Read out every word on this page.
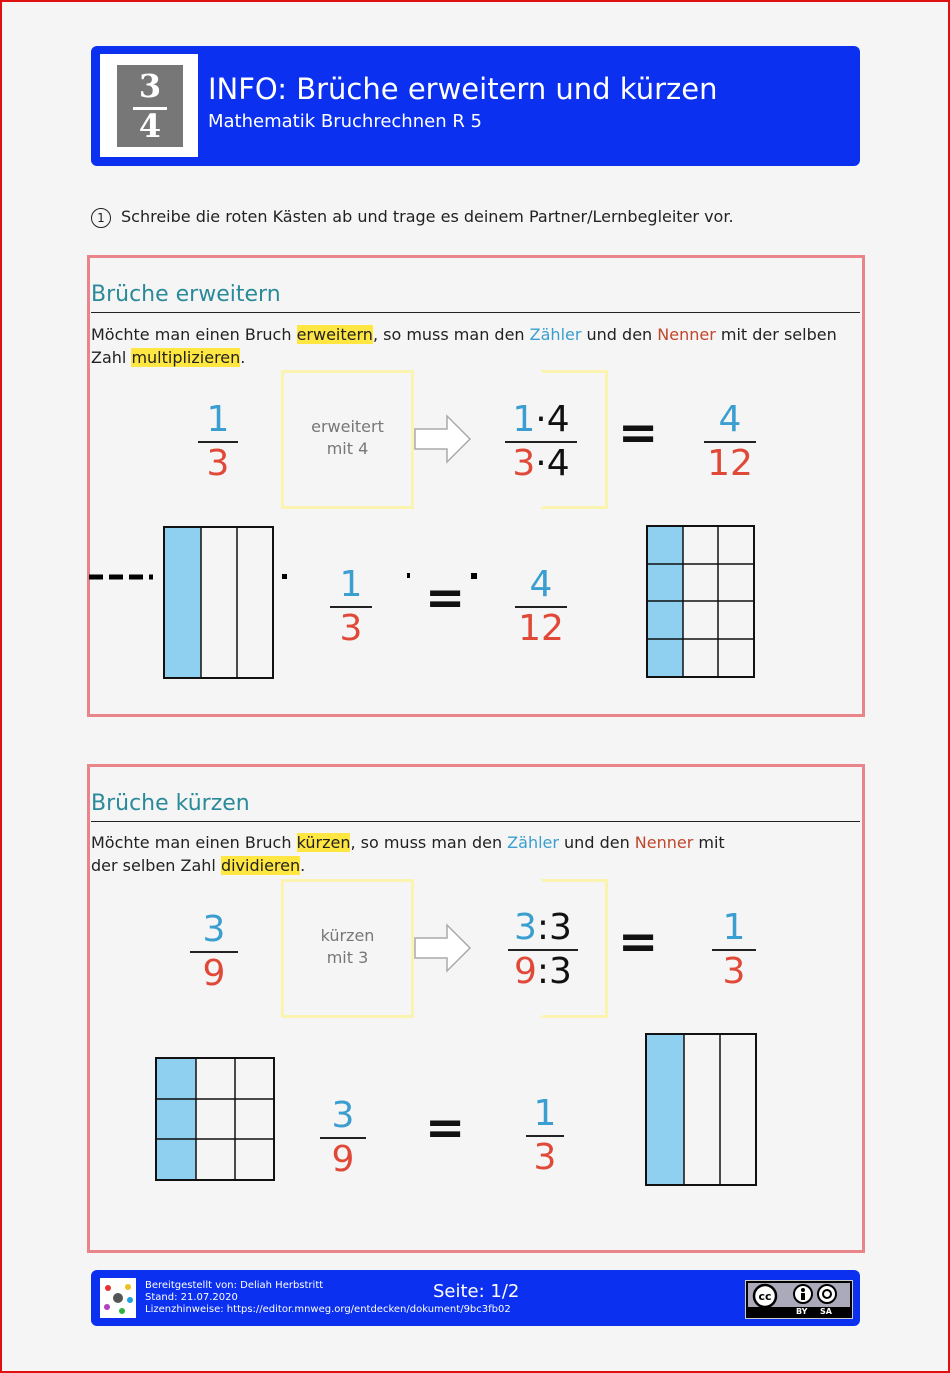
3
4
INFO: Brüche erweitern und kürzen
Mathematik Bruchrechnen R 5
1 Schreibe die roten Kästen ab und trage es deinem Partner/Lernbegleiter vor.
Brüche erweitern
Möchte man einen Bruch erweitern, so muss man den Zähler und den Nenner mit der selben Zahl multiplizieren.
1
3
erweitert
mit 4
1·4
3·4
=	4
12
1
3
=	4
12
Brüche kürzen
Möchte man einen Bruch kürzen, so muss man den Zähler und den Nenner mit
der selben Zahl dividieren.
3
9
kürzen
mit 3
3:3
9:3
= 1
3
3
9
= 1
3
Bereitgestellt von: Deliah Herbstritt
Stand: 21.07.2020
Lizenzhinweise: https://editor.mnweg.org/entdecken/dokument/9bc3fb02
Seite: 1/2	cc
BY SA
